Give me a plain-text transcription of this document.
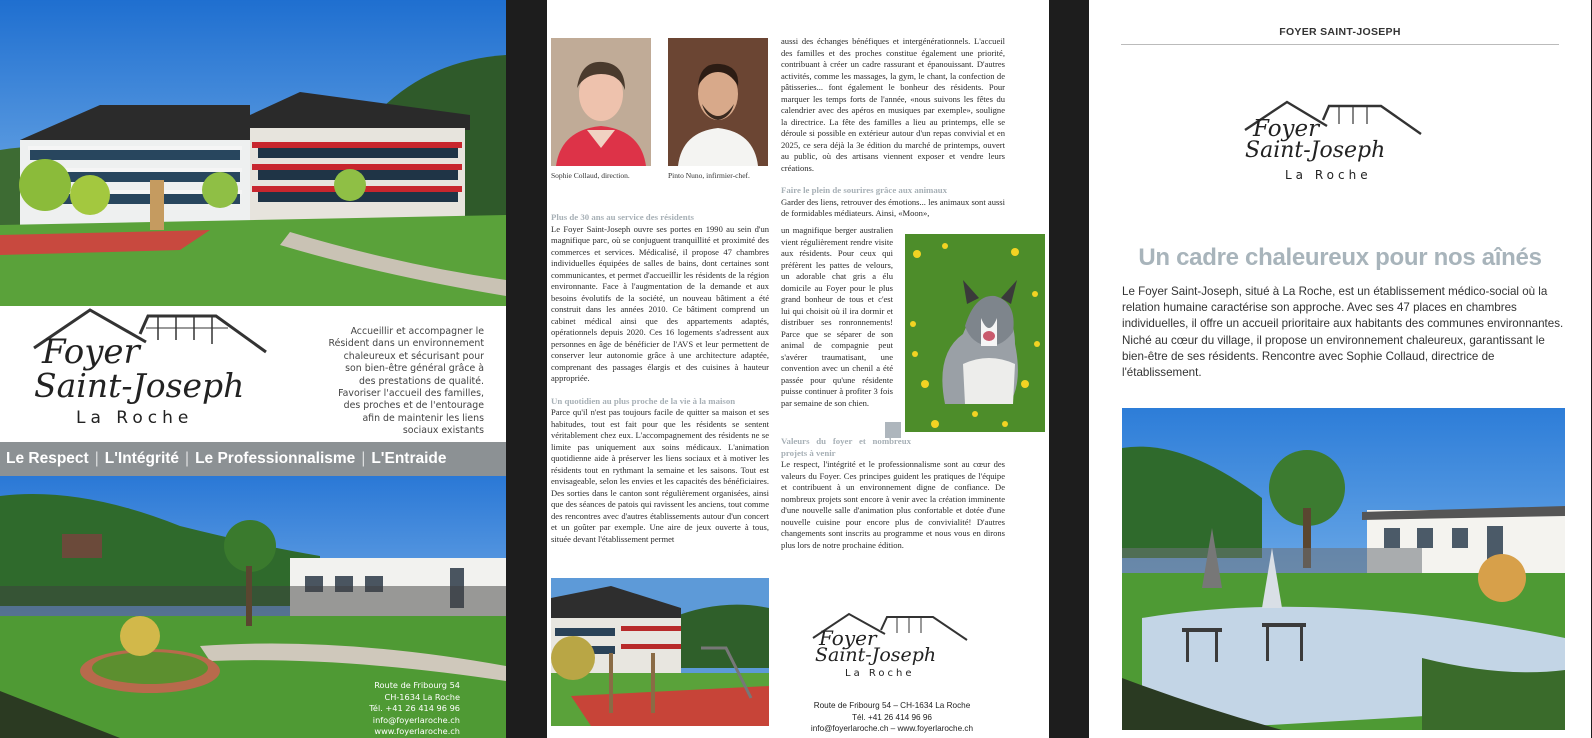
Foyer
Saint-Joseph
La Roche
Accueillir et accompagner le Résident dans un environnement chaleureux et sécurisant pour son bien-être général grâce à des prestations de qualité. Favoriser l'accueil des familles, des proches et de l'entourage afin de maintenir les liens sociaux existants
Le Respect | L'Intégrité | Le Professionnalisme | L'Entraide
Route de Fribourg 54
CH-1634 La Roche
Tél. +41 26 414 96 96
info@foyerlaroche.ch
www.foyerlaroche.ch
Sophie Collaud, direction.	Pinto Nuno, infirmier-chef.
Plus de 30 ans au service des résidents

Le Foyer Saint-Joseph ouvre ses portes en 1990 au sein d'un magnifique parc, où se conjuguent tranquillité et proximité des commerces et services. Médicalisé, il propose 47 chambres individuelles équipées de salles de bains, dont certaines sont communicantes, et permet d'accueillir les résidents de la région environnante. Face à l'augmentation de la demande et aux besoins évolutifs de la société, un nouveau bâtiment a été construit dans les années 2010. Ce bâtiment comprend un cabinet médical ainsi que des appartements adaptés, opérationnels depuis 2020. Ces 16 logements s'adressent aux personnes en âge de bénéficier de l'AVS et leur permettent de conserver leur autonomie grâce à une architecture adaptée, comprenant des passages élargis et des cuisines à hauteur appropriée.

Un quotidien au plus proche de la vie à la maison

Parce qu'il n'est pas toujours facile de quitter sa maison et ses habitudes, tout est fait pour que les résidents se sentent véritablement chez eux. L'accompagnement des résidents ne se limite pas uniquement aux soins médicaux. L'animation quotidienne aide à préserver les liens sociaux et à motiver les résidents tout en rythmant la semaine et les saisons. Tout est envisageable, selon les envies et les capacités des bénéficiaires. Des sorties dans le canton sont régulièrement organisées, ainsi que des séances de patois qui ravissent les anciens, tout comme des rencontres avec d'autres établissements autour d'un concert et un goûter par exemple. Une aire de jeux ouverte à tous, située devant l'établissement permet

aussi des échanges bénéfiques et intergénérationnels. L'accueil des familles et des proches constitue également une priorité, contribuant à créer un cadre rassurant et épanouissant. D'autres activités, comme les massages, la gym, le chant, la confection de pâtisseries... font également le bonheur des résidents. Pour marquer les temps forts de l'année, «nous suivons les fêtes du calendrier avec des apéros en musiques par exemple», souligne la directrice. La fête des familles a lieu au printemps, elle se déroule si possible en extérieur autour d'un repas convivial et en 2025, ce sera déjà la 3e édition du marché de printemps, ouvert au public, où des artisans viennent exposer et vendre leurs créations.

Faire le plein de sourires grâce aux animaux

Garder des liens, retrouver des émotions... les animaux sont aussi de formidables médiateurs. Ainsi, «Moon»,

un magnifique berger australien vient régulièrement rendre visite aux résidents. Pour ceux qui préfèrent les pattes de velours, un adorable chat gris a élu domicile au Foyer pour le plus grand bonheur de tous et c'est lui qui choisit où il ira dormir et distribuer ses ronronnements! Parce que se séparer de son animal de compagnie peut s'avérer traumatisant, une convention avec un chenil a été passée pour qu'une résidente puisse continuer à profiter 3 fois par semaine de son chien.
Valeurs du foyer et nombreux projets à venir

Le respect, l'intégrité et le professionnalisme sont au cœur des valeurs du Foyer. Ces principes guident les pratiques de l'équipe et contribuent à un environnement digne de confiance. De nombreux projets sont encore à venir avec la création imminente d'une nouvelle salle d'animation plus confortable et dotée d'une nouvelle cuisine pour encore plus de convivialité! D'autres changements sont inscrits au programme et nous vous en dirons plus lors de notre prochaine édition.

Foyer
Saint-Joseph
La Roche
Route de Fribourg 54 – CH-1634 La Roche
Tél. +41 26 414 96 96
info@foyerlaroche.ch – www.foyerlaroche.ch
FOYER SAINT-JOSEPH
Foyer
Saint-Joseph
La Roche
Un cadre chaleureux pour nos aînés
Le Foyer Saint-Joseph, situé à La Roche, est un établissement médico-social où la relation humaine caractérise son approche. Avec ses 47 places en chambres individuelles, il offre un accueil prioritaire aux habitants des communes environnantes. Niché au cœur du village, il propose un environnement chaleureux, garantissant le bien-être de ses résidents. Rencontre avec Sophie Collaud, directrice de l'établissement.
